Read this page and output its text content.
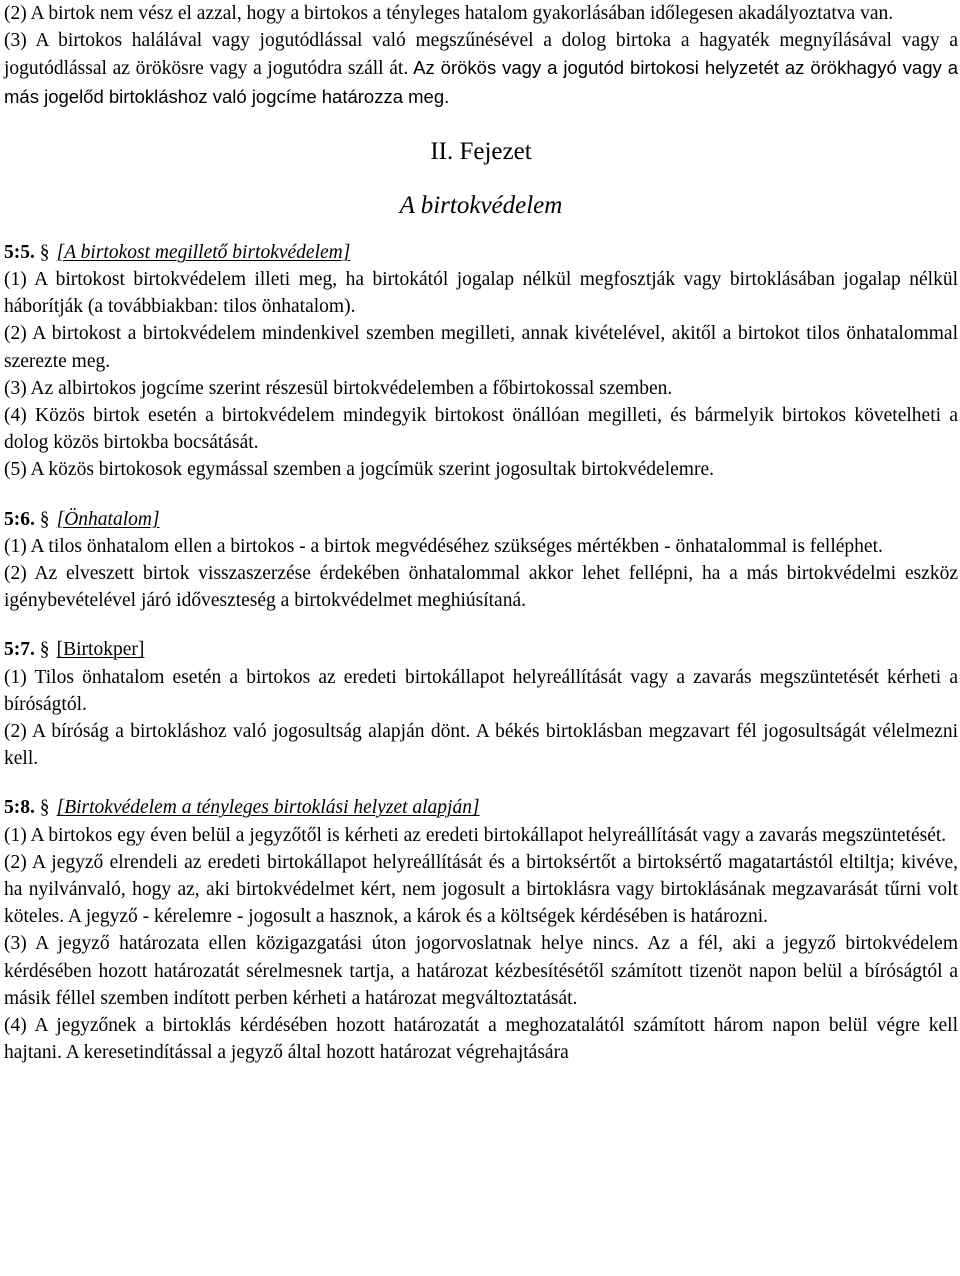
(2) A birtok nem vész el azzal, hogy a birtokos a tényleges hatalom gyakorlásában időlegesen akadályoztatva van.

(3) A birtokos halálával vagy jogutódlással való megszűnésével a dolog birtoka a hagyaték megnyílásával vagy a jogutódlással az örökösre vagy a jogutódra száll át. Az örökös vagy a jogutód birtokosi helyzetét az örökhagyó vagy a más jogelőd birtokláshoz való jogcíme határozza meg.

II. Fejezet
A birtokvédelem

5:5. § [A birtokost megillető birtokvédelem]

(1) A birtokost birtokvédelem illeti meg, ha birtokától jogalap nélkül megfosztják vagy birtoklásában jogalap nélkül háborítják (a továbbiakban: tilos önhatalom).

(2) A birtokost a birtokvédelem mindenkivel szemben megilleti, annak kivételével, akitől a birtokot tilos önhatalommal szerezte meg.

(3) Az albirtokos jogcíme szerint részesül birtokvédelemben a főbirtokossal szemben.

(4) Közös birtok esetén a birtokvédelem mindegyik birtokost önállóan megilleti, és bármelyik birtokos követelheti a dolog közös birtokba bocsátását.

(5) A közös birtokosok egymással szemben a jogcímük szerint jogosultak birtokvédelemre.

5:6. § [Önhatalom]

(1) A tilos önhatalom ellen a birtokos - a birtok megvédéséhez szükséges mértékben - önhatalommal is felléphet.

(2) Az elveszett birtok visszaszerzése érdekében önhatalommal akkor lehet fellépni, ha a más birtokvédelmi eszköz igénybevételével járó időveszteség a birtokvédelmet meghiúsítaná.

5:7. § [Birtokper]

(1) Tilos önhatalom esetén a birtokos az eredeti birtokállapot helyreállítását vagy a zavarás megszüntetését kérheti a bíróságtól.

(2) A bíróság a birtokláshoz való jogosultság alapján dönt. A békés birtoklásban megzavart fél jogosultságát vélelmezni kell.

5:8. § [Birtokvédelem a tényleges birtoklási helyzet alapján]

(1) A birtokos egy éven belül a jegyzőtől is kérheti az eredeti birtokállapot helyreállítását vagy a zavarás megszüntetését.

(2) A jegyző elrendeli az eredeti birtokállapot helyreállítását és a birtoksértőt a birtoksértő magatartástól eltiltja; kivéve, ha nyilvánvaló, hogy az, aki birtokvédelmet kért, nem jogosult a birtoklásra vagy birtoklásának megzavarását tűrni volt köteles. A jegyző - kérelemre - jogosult a hasznok, a károk és a költségek kérdésében is határozni.

(3) A jegyző határozata ellen közigazgatási úton jogorvoslatnak helye nincs. Az a fél, aki a jegyző birtokvédelem kérdésében hozott határozatát sérelmesnek tartja, a határozat kézbesítésétől számított tizenöt napon belül a bíróságtól a másik féllel szemben indított perben kérheti a határozat megváltoztatását.

(4) A jegyzőnek a birtoklás kérdésében hozott határozatát a meghozatalától számított három napon belül végre kell hajtani. A keresetindítással a jegyző által hozott határozat végrehajtására
